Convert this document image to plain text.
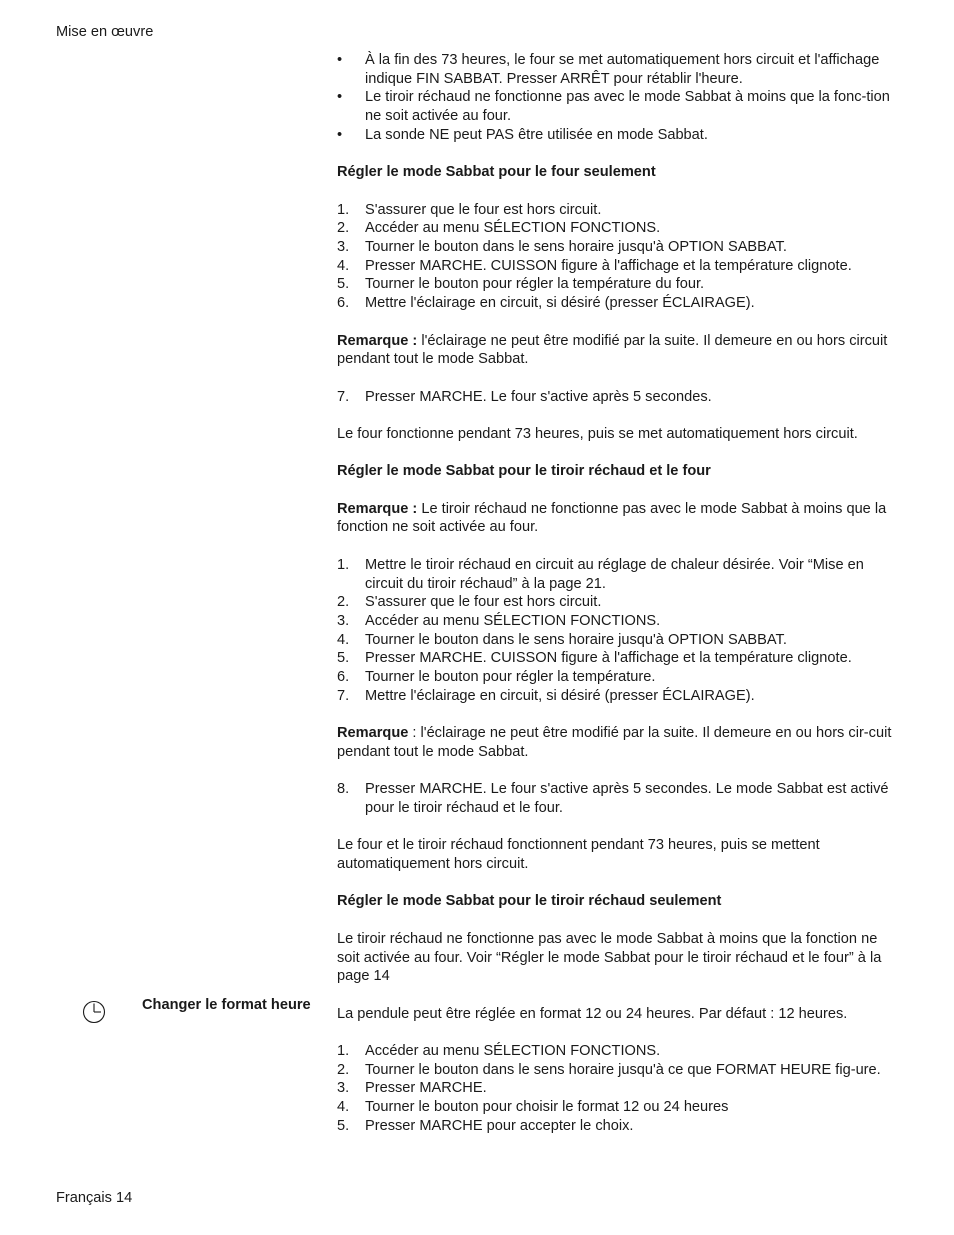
Mise en œuvre
Changer le format heure
• À la fin des 73 heures, le four se met automatiquement hors circuit et l'affichage indique FIN SABBAT. Presser ARRÊT pour rétablir l'heure.
• Le tiroir réchaud ne fonctionne pas avec le mode Sabbat à moins que la fonc-tion ne soit activée au four.
• La sonde NE peut PAS être utilisée en mode Sabbat.

Régler le mode Sabbat pour le four seulement

1. S'assurer que le four est hors circuit.
2. Accéder au menu SÉLECTION FONCTIONS.
3. Tourner le bouton dans le sens horaire jusqu'à OPTION SABBAT.
4. Presser MARCHE. CUISSON figure à l'affichage et la température clignote.
5. Tourner le bouton pour régler la température du four.
6. Mettre l'éclairage en circuit, si désiré (presser ÉCLAIRAGE).

Remarque : l'éclairage ne peut être modifié par la suite. Il demeure en ou hors circuit pendant tout le mode Sabbat.

7. Presser MARCHE. Le four s'active après 5 secondes.

Le four fonctionne pendant 73 heures, puis se met automatiquement hors circuit.

Régler le mode Sabbat pour le tiroir réchaud et le four

Remarque : Le tiroir réchaud ne fonctionne pas avec le mode Sabbat à moins que la fonction ne soit activée au four.

1. Mettre le tiroir réchaud en circuit au réglage de chaleur désirée. Voir “Mise en circuit du tiroir réchaud” à la page 21.
2. S'assurer que le four est hors circuit.
3. Accéder au menu SÉLECTION FONCTIONS.
4. Tourner le bouton dans le sens horaire jusqu'à OPTION SABBAT.
5. Presser MARCHE. CUISSON figure à l'affichage et la température clignote.
6. Tourner le bouton pour régler la température.
7. Mettre l'éclairage en circuit, si désiré (presser ÉCLAIRAGE).

Remarque : l'éclairage ne peut être modifié par la suite. Il demeure en ou hors cir-cuit pendant tout le mode Sabbat.

8. Presser MARCHE. Le four s'active après 5 secondes. Le mode Sabbat est activé pour le tiroir réchaud et le four.

Le four et le tiroir réchaud fonctionnent pendant 73 heures, puis se mettent automatiquement hors circuit.

Régler le mode Sabbat pour le tiroir réchaud seulement

Le tiroir réchaud ne fonctionne pas avec le mode Sabbat à moins que la fonction ne soit activée au four. Voir “Régler le mode Sabbat pour le tiroir réchaud et le four” à la page 14

La pendule peut être réglée en format 12 ou 24 heures. Par défaut : 12 heures.

1. Accéder au menu SÉLECTION FONCTIONS.
2. Tourner le bouton dans le sens horaire jusqu'à ce que FORMAT HEURE fig-ure.
3. Presser MARCHE.
4. Tourner le bouton pour choisir le format 12 ou 24 heures
5. Presser MARCHE pour accepter le choix.
Français 14
